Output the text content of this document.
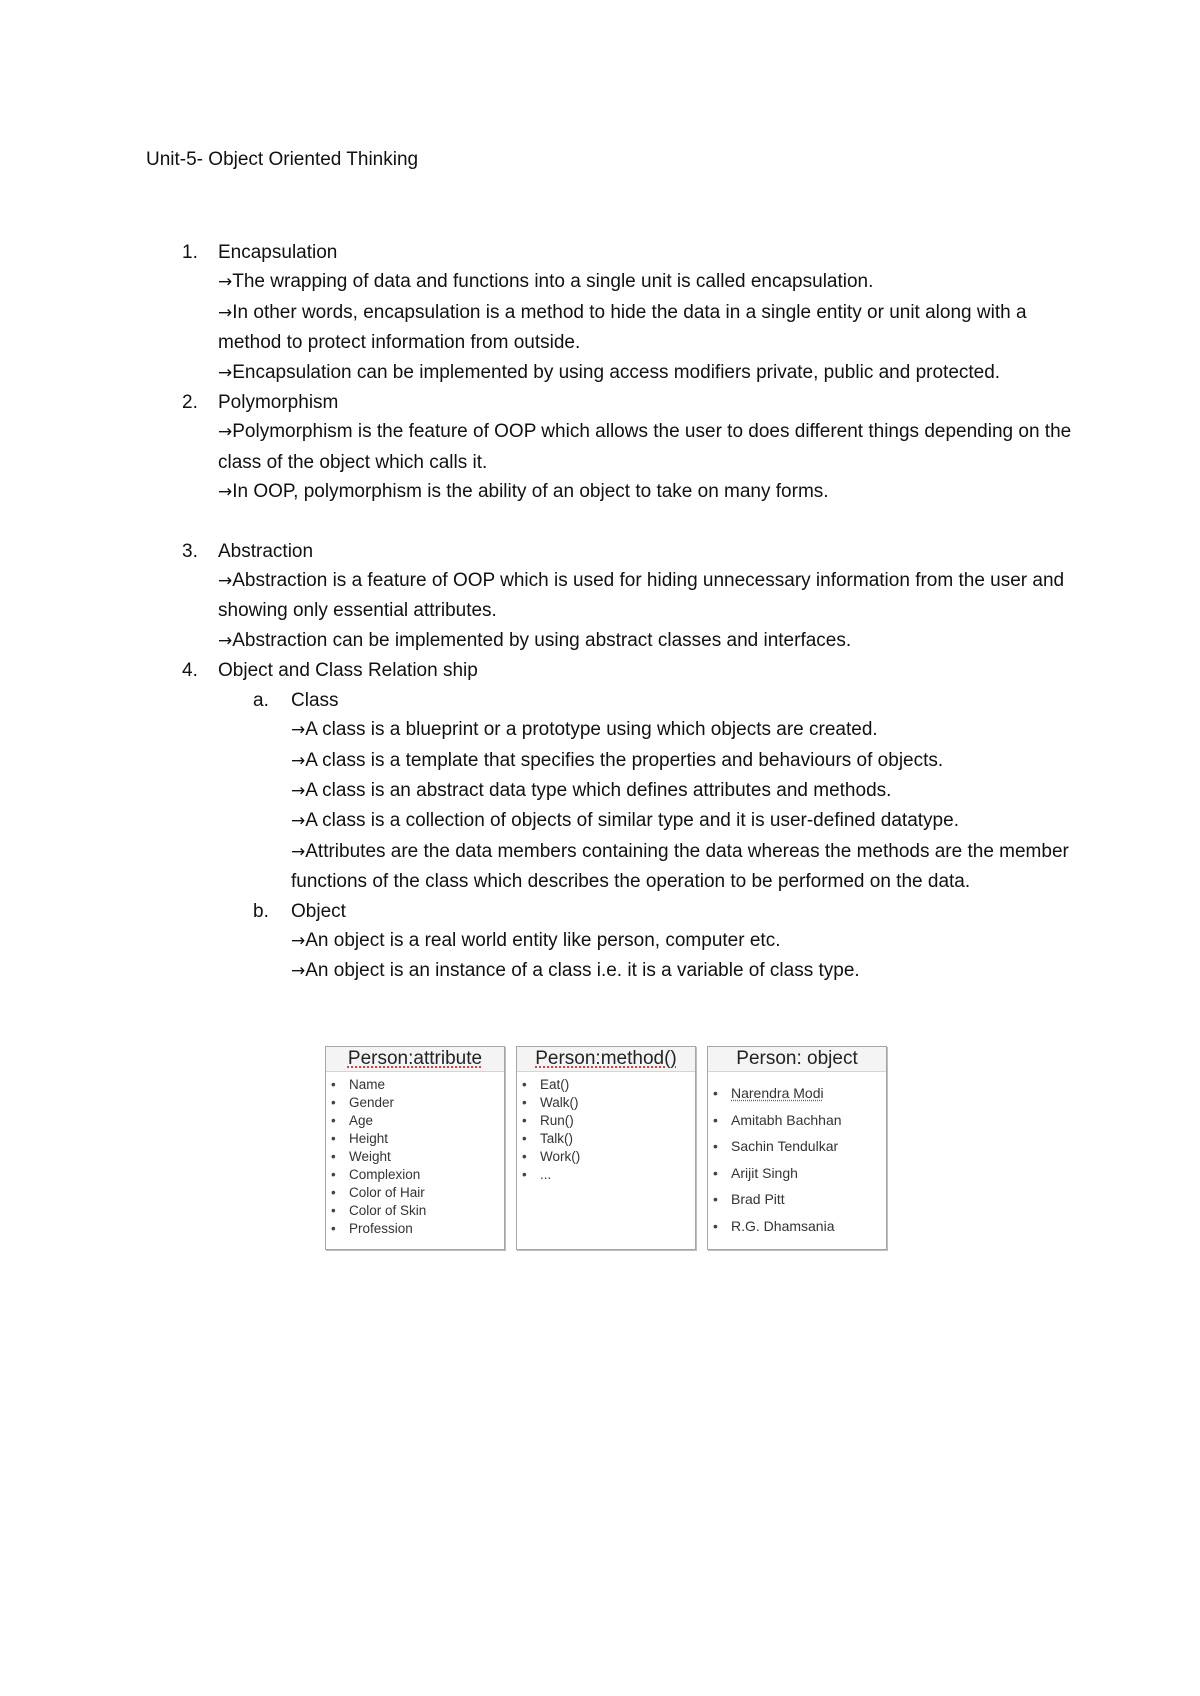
Unit-5- Object Oriented Thinking
1. Encapsulation
→The wrapping of data and functions into a single unit is called encapsulation.
→In other words, encapsulation is a method to hide the data in a single entity or unit along with a method to protect information from outside.
→Encapsulation can be implemented by using access modifiers private, public and protected.
2. Polymorphism
→Polymorphism is the feature of OOP which allows the user to does different things depending on the class of the object which calls it.
→In OOP, polymorphism is the ability of an object to take on many forms.
3. Abstraction
→Abstraction is a feature of OOP which is used for hiding unnecessary information from the user and showing only essential attributes.
→Abstraction can be implemented by using abstract classes and interfaces.
4. Object and Class Relation ship
a. Class
→A class is a blueprint or a prototype using which objects are created.
→A class is a template that specifies the properties and behaviours of objects.
→A class is an abstract data type which defines attributes and methods.
→A class is a collection of objects of similar type and it is user-defined datatype.
→Attributes are the data members containing the data whereas the methods are the member functions of the class which describes the operation to be performed on the data.
b. Object
→An object is a real world entity like person, computer etc.
→An object is an instance of a class i.e. it is a variable of class type.
Person:attribute
• Name
• Gender
• Age
• Height
• Weight
• Complexion
• Color of Hair
• Color of Skin
• Profession
Person:method()
• Eat()
• Walk()
• Run()
• Talk()
• Work()
• ...
Person: object
• Narendra Modi
• Amitabh Bachhan
• Sachin Tendulkar
• Arijit Singh
• Brad Pitt
• R.G. Dhamsania
